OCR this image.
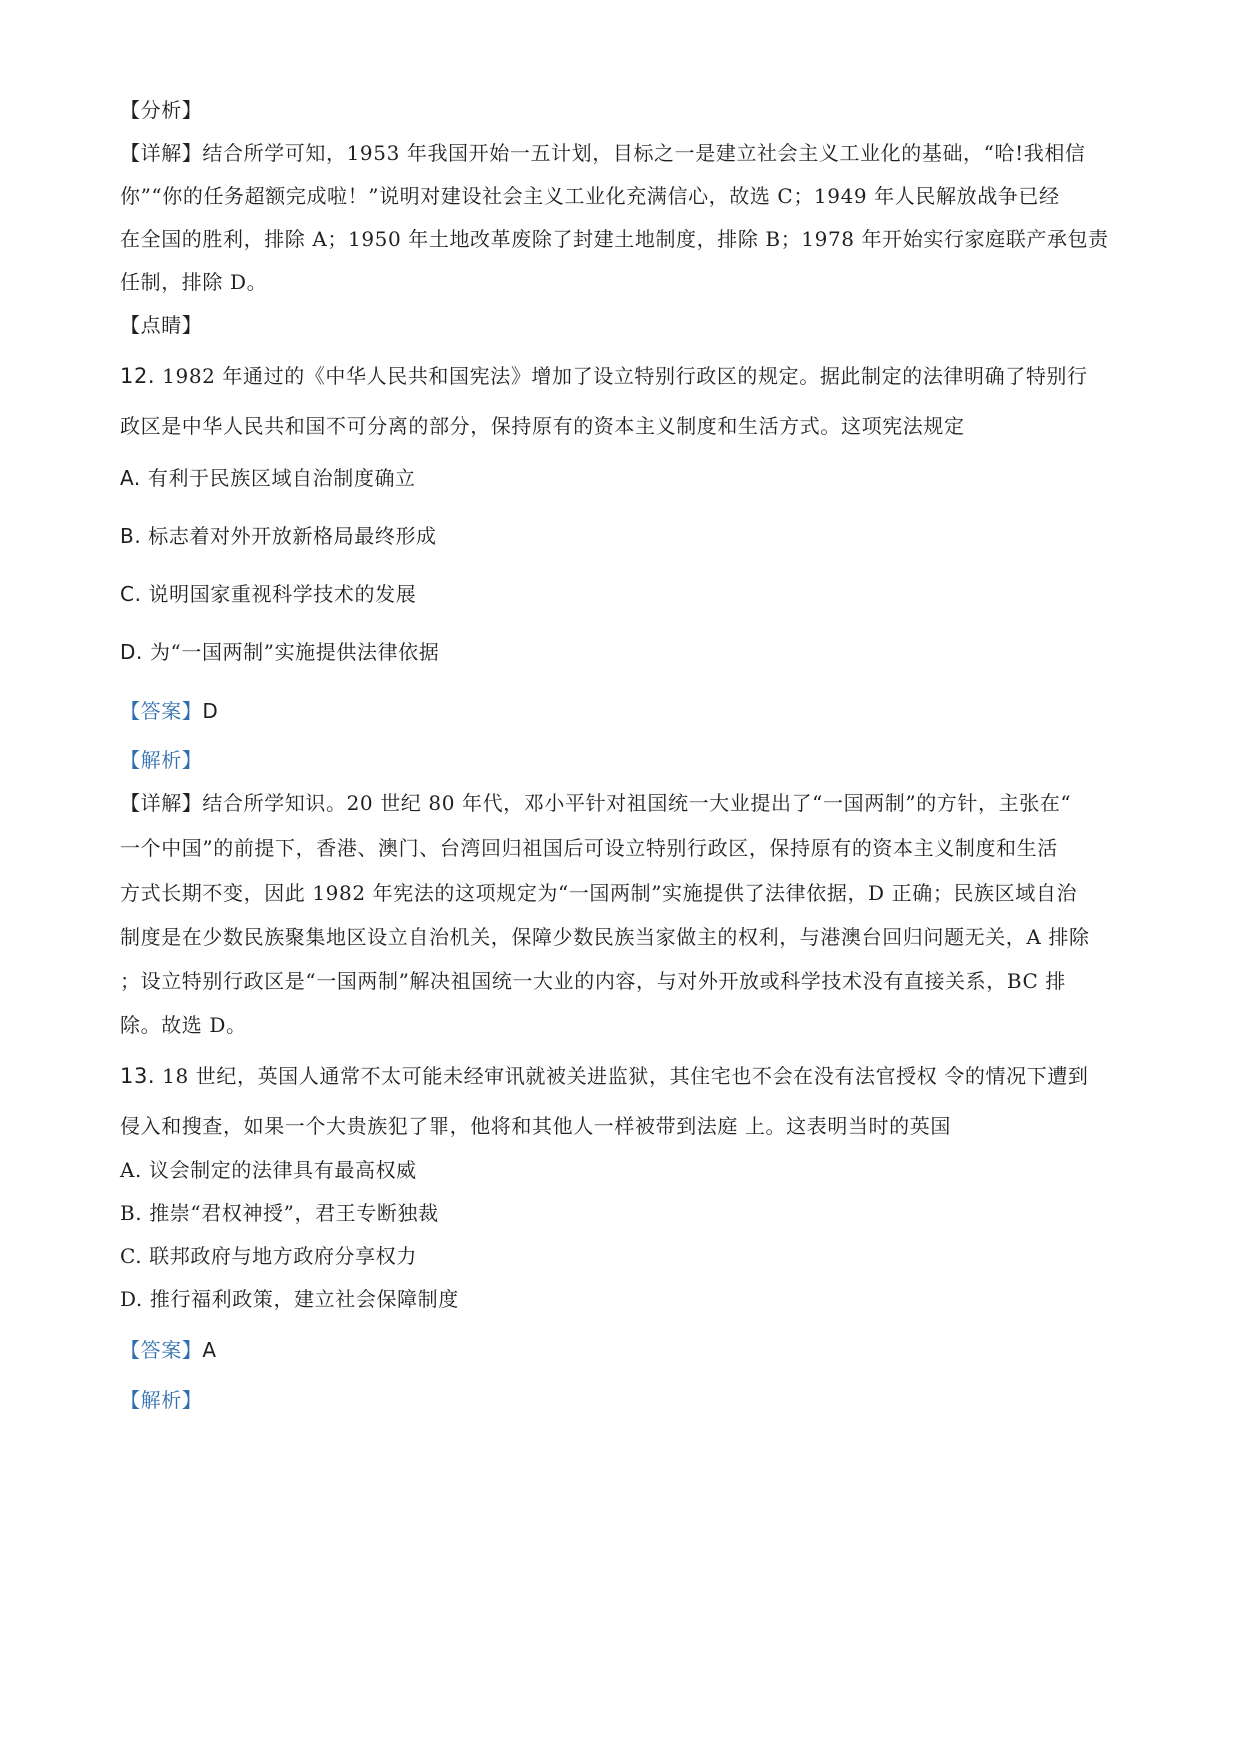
【分析】
【详解】结合所学可知，1953 年我国开始一五计划，目标之一是建立社会主义工业化的基础，“哈!我相信
你”“你的任务超额完成啦！”说明对建设社会主义工业化充满信心，故选 C；1949 年人民解放战争已经
在全国的胜利，排除 A；1950 年土地改革废除了封建土地制度，排除 B；1978 年开始实行家庭联产承包责
任制，排除 D。
【点睛】
12. 1982 年通过的《中华人民共和国宪法》增加了设立特别行政区的规定。据此制定的法律明确了特别行
政区是中华人民共和国不可分离的部分，保持原有的资本主义制度和生活方式。这项宪法规定
A. 有利于民族区域自治制度确立
B. 标志着对外开放新格局最终形成
C. 说明国家重视科学技术的发展
D. 为“一国两制”实施提供法律依据
【答案】D
【解析】
【详解】结合所学知识。20 世纪 80 年代，邓小平针对祖国统一大业提出了“一国两制”的方针，主张在“
一个中国”的前提下，香港、澳门、台湾回归祖国后可设立特别行政区，保持原有的资本主义制度和生活
方式长期不变，因此 1982 年宪法的这项规定为“一国两制”实施提供了法律依据，D 正确；民族区域自治
制度是在少数民族聚集地区设立自治机关，保障少数民族当家做主的权利，与港澳台回归问题无关，A 排除
；设立特别行政区是“一国两制”解决祖国统一大业的内容，与对外开放或科学技术没有直接关系，BC 排
除。故选 D。
13. 18 世纪，英国人通常不太可能未经审讯就被关进监狱，其住宅也不会在没有法官授权 令的情况下遭到
侵入和搜查，如果一个大贵族犯了罪，他将和其他人一样被带到法庭 上。这表明当时的英国
A. 议会制定的法律具有最高权威
B. 推崇“君权神授”，君王专断独裁
C. 联邦政府与地方政府分享权力
D. 推行福利政策，建立社会保障制度
【答案】A
【解析】
